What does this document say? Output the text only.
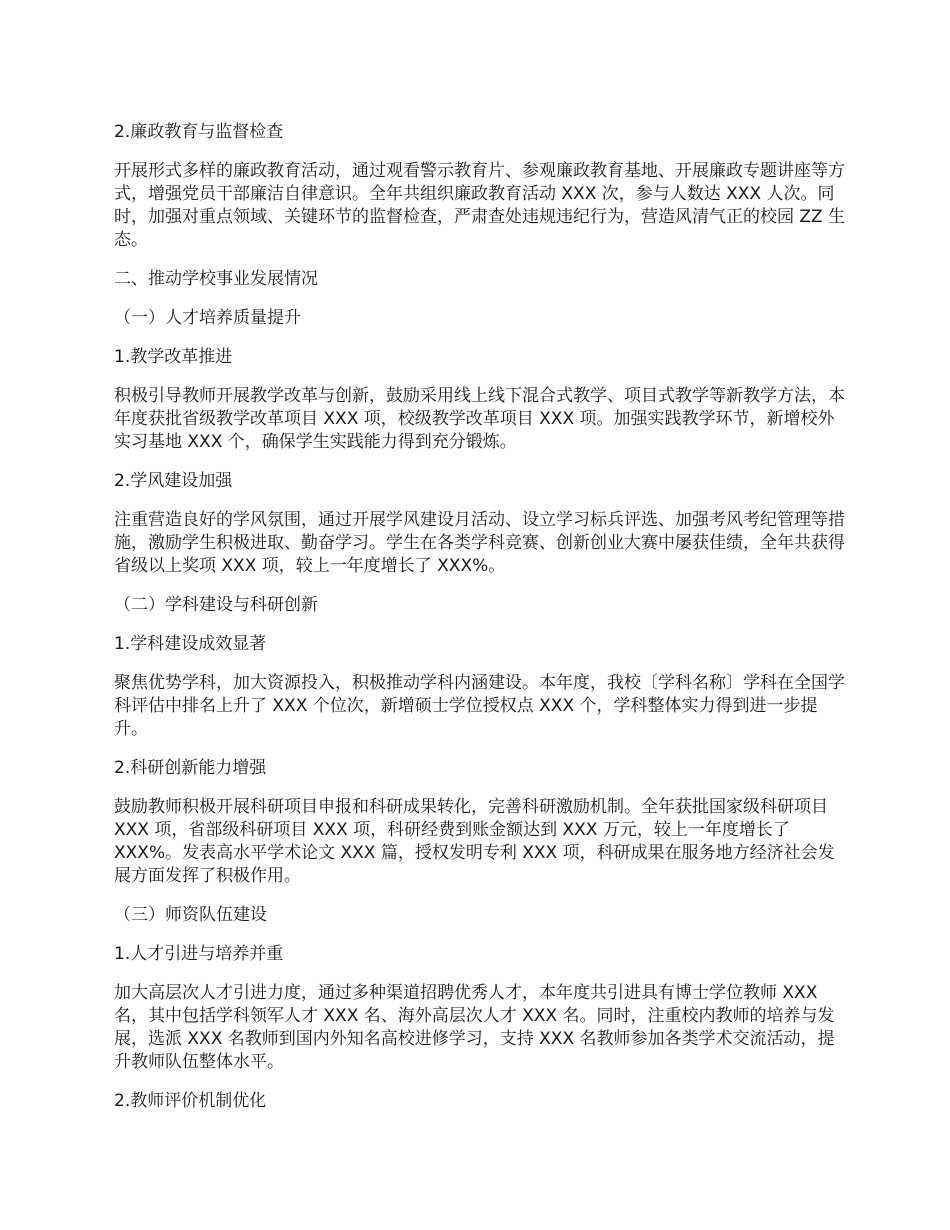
2.廉政教育与监督检查

开展形式多样的廉政教育活动，通过观看警示教育片、参观廉政教育基地、开展廉政专题讲座等方式，增强党员干部廉洁自律意识。全年共组织廉政教育活动 XXX 次，参与人数达 XXX 人次。同时，加强对重点领域、关键环节的监督检查，严肃查处违规违纪行为，营造风清气正的校园 ZZ 生态。

二、推动学校事业发展情况

（一）人才培养质量提升

1.教学改革推进

积极引导教师开展教学改革与创新，鼓励采用线上线下混合式教学、项目式教学等新教学方法，本年度获批省级教学改革项目 XXX 项，校级教学改革项目 XXX 项。加强实践教学环节，新增校外实习基地 XXX 个，确保学生实践能力得到充分锻炼。

2.学风建设加强

注重营造良好的学风氛围，通过开展学风建设月活动、设立学习标兵评选、加强考风考纪管理等措施，激励学生积极进取、勤奋学习。学生在各类学科竞赛、创新创业大赛中屡获佳绩，全年共获得省级以上奖项 XXX 项，较上一年度增长了 XXX%。

（二）学科建设与科研创新

1.学科建设成效显著

聚焦优势学科，加大资源投入，积极推动学科内涵建设。本年度，我校〔学科名称〕学科在全国学科评估中排名上升了 XXX 个位次，新增硕士学位授权点 XXX 个，学科整体实力得到进一步提升。

2.科研创新能力增强

鼓励教师积极开展科研项目申报和科研成果转化，完善科研激励机制。全年获批国家级科研项目 XXX 项，省部级科研项目 XXX 项，科研经费到账金额达到 XXX 万元，较上一年度增长了 XXX%。发表高水平学术论文 XXX 篇，授权发明专利 XXX 项，科研成果在服务地方经济社会发展方面发挥了积极作用。

（三）师资队伍建设

1.人才引进与培养并重

加大高层次人才引进力度，通过多种渠道招聘优秀人才，本年度共引进具有博士学位教师 XXX 名，其中包括学科领军人才 XXX 名、海外高层次人才 XXX 名。同时，注重校内教师的培养与发展，选派 XXX 名教师到国内外知名高校进修学习，支持 XXX 名教师参加各类学术交流活动，提升教师队伍整体水平。

2.教师评价机制优化
